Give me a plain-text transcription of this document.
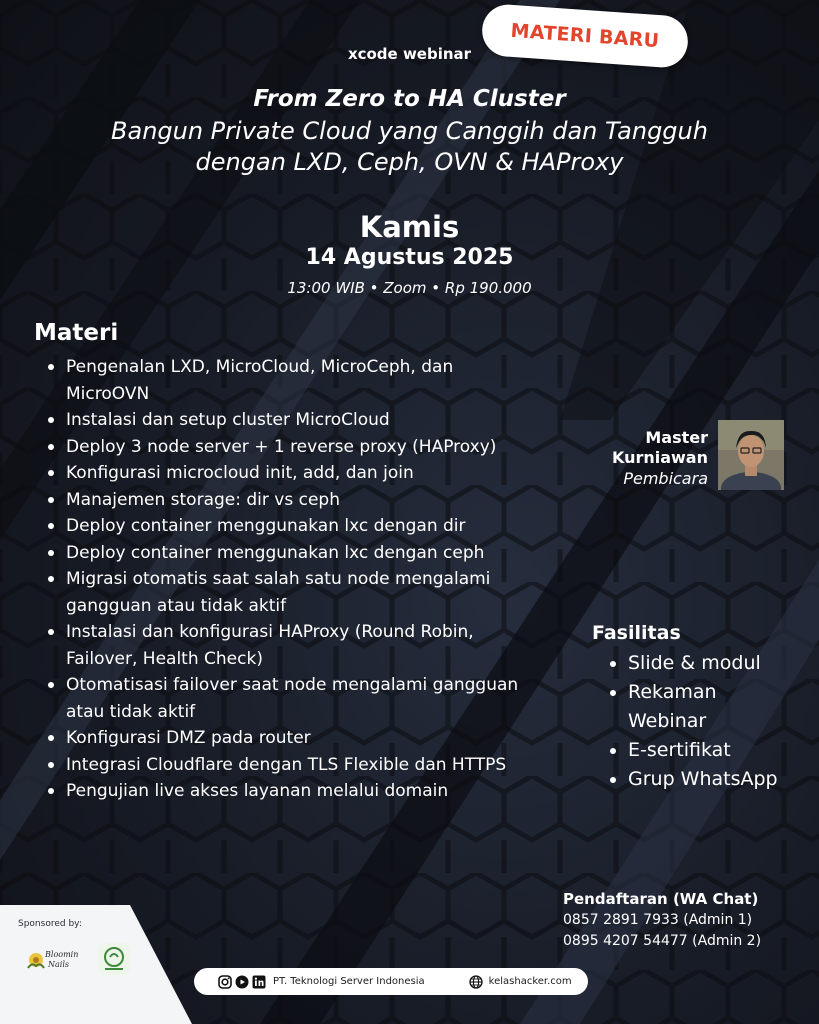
MATERI BARU
xcode webinar
From Zero to HA Cluster
Bangun Private Cloud yang Canggih dan Tangguh
dengan LXD, Ceph, OVN & HAProxy
Kamis
14 Agustus 2025
13:00 WIB • Zoom • Rp 190.000
Materi
Pengenalan LXD, MicroCloud, MicroCeph, dan MicroOVN
Instalasi dan setup cluster MicroCloud
Deploy 3 node server + 1 reverse proxy (HAProxy)
Konfigurasi microcloud init, add, dan join
Manajemen storage: dir vs ceph
Deploy container menggunakan lxc dengan dir
Deploy container menggunakan lxc dengan ceph
Migrasi otomatis saat salah satu node mengalami gangguan atau tidak aktif
Instalasi dan konfigurasi HAProxy (Round Robin, Failover, Health Check)
Otomatisasi failover saat node mengalami gangguan atau tidak aktif
Konfigurasi DMZ pada router
Integrasi Cloudflare dengan TLS Flexible dan HTTPS
Pengujian live akses layanan melalui domain
Master
Kurniawan
Pembicara
Fasilitas
Slide & modul
Rekaman Webinar
E-sertifikat
Grup WhatsApp
Pendaftaran (WA Chat)
0857 2891 7933 (Admin 1)
0895 4207 54477 (Admin 2)
Sponsored by:
Bloomin
Nails
PT. Teknologi Server Indonesia	kelashacker.com
